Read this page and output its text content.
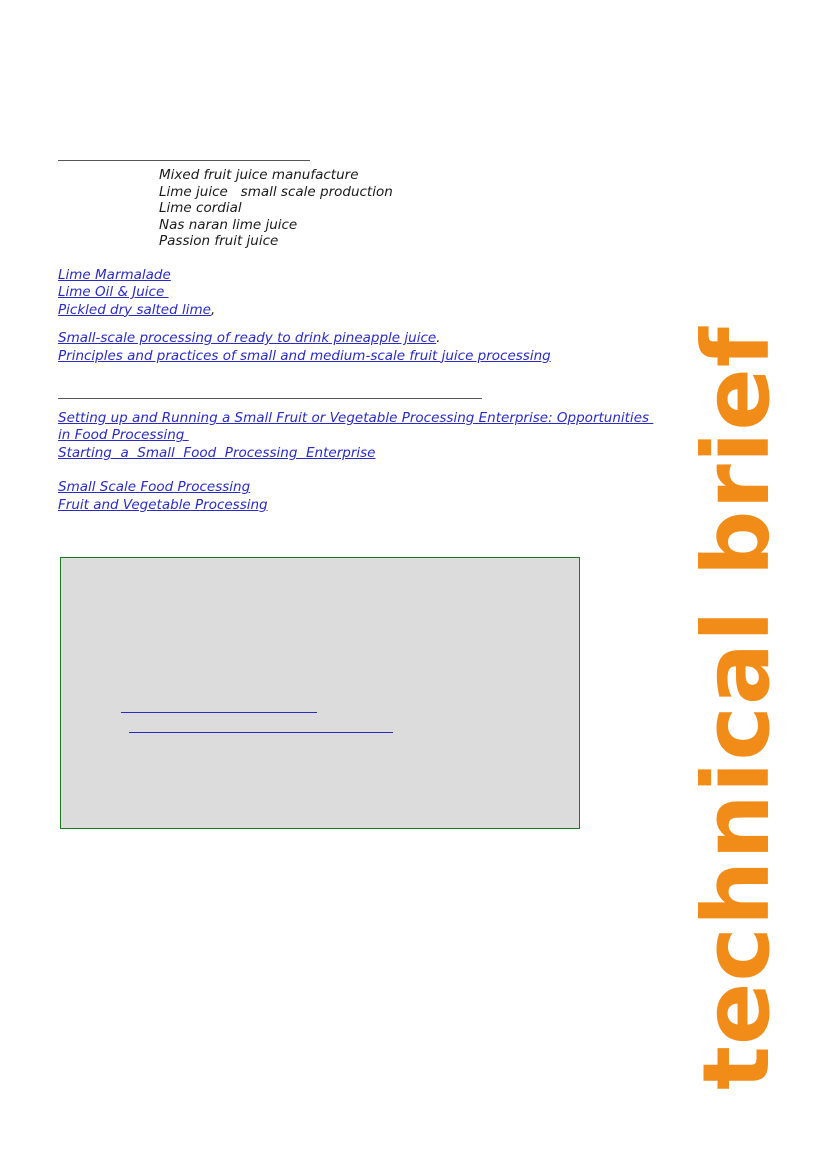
technical brief
Mixed fruit juice manufacture
Lime juice   small scale production
Lime cordial
Nas naran lime juice
Passion fruit juice
Lime Marmalade
Lime Oil & Juice
Pickled dry salted lime,
Small-scale processing of ready to drink pineapple juice.
Principles and practices of small and medium-scale fruit juice processing
Setting up and Running a Small Fruit or Vegetable Processing Enterprise: Opportunities in Food Processing
Starting  a  Small  Food  Processing  Enterprise
Small Scale Food Processing
Fruit and Vegetable Processing
